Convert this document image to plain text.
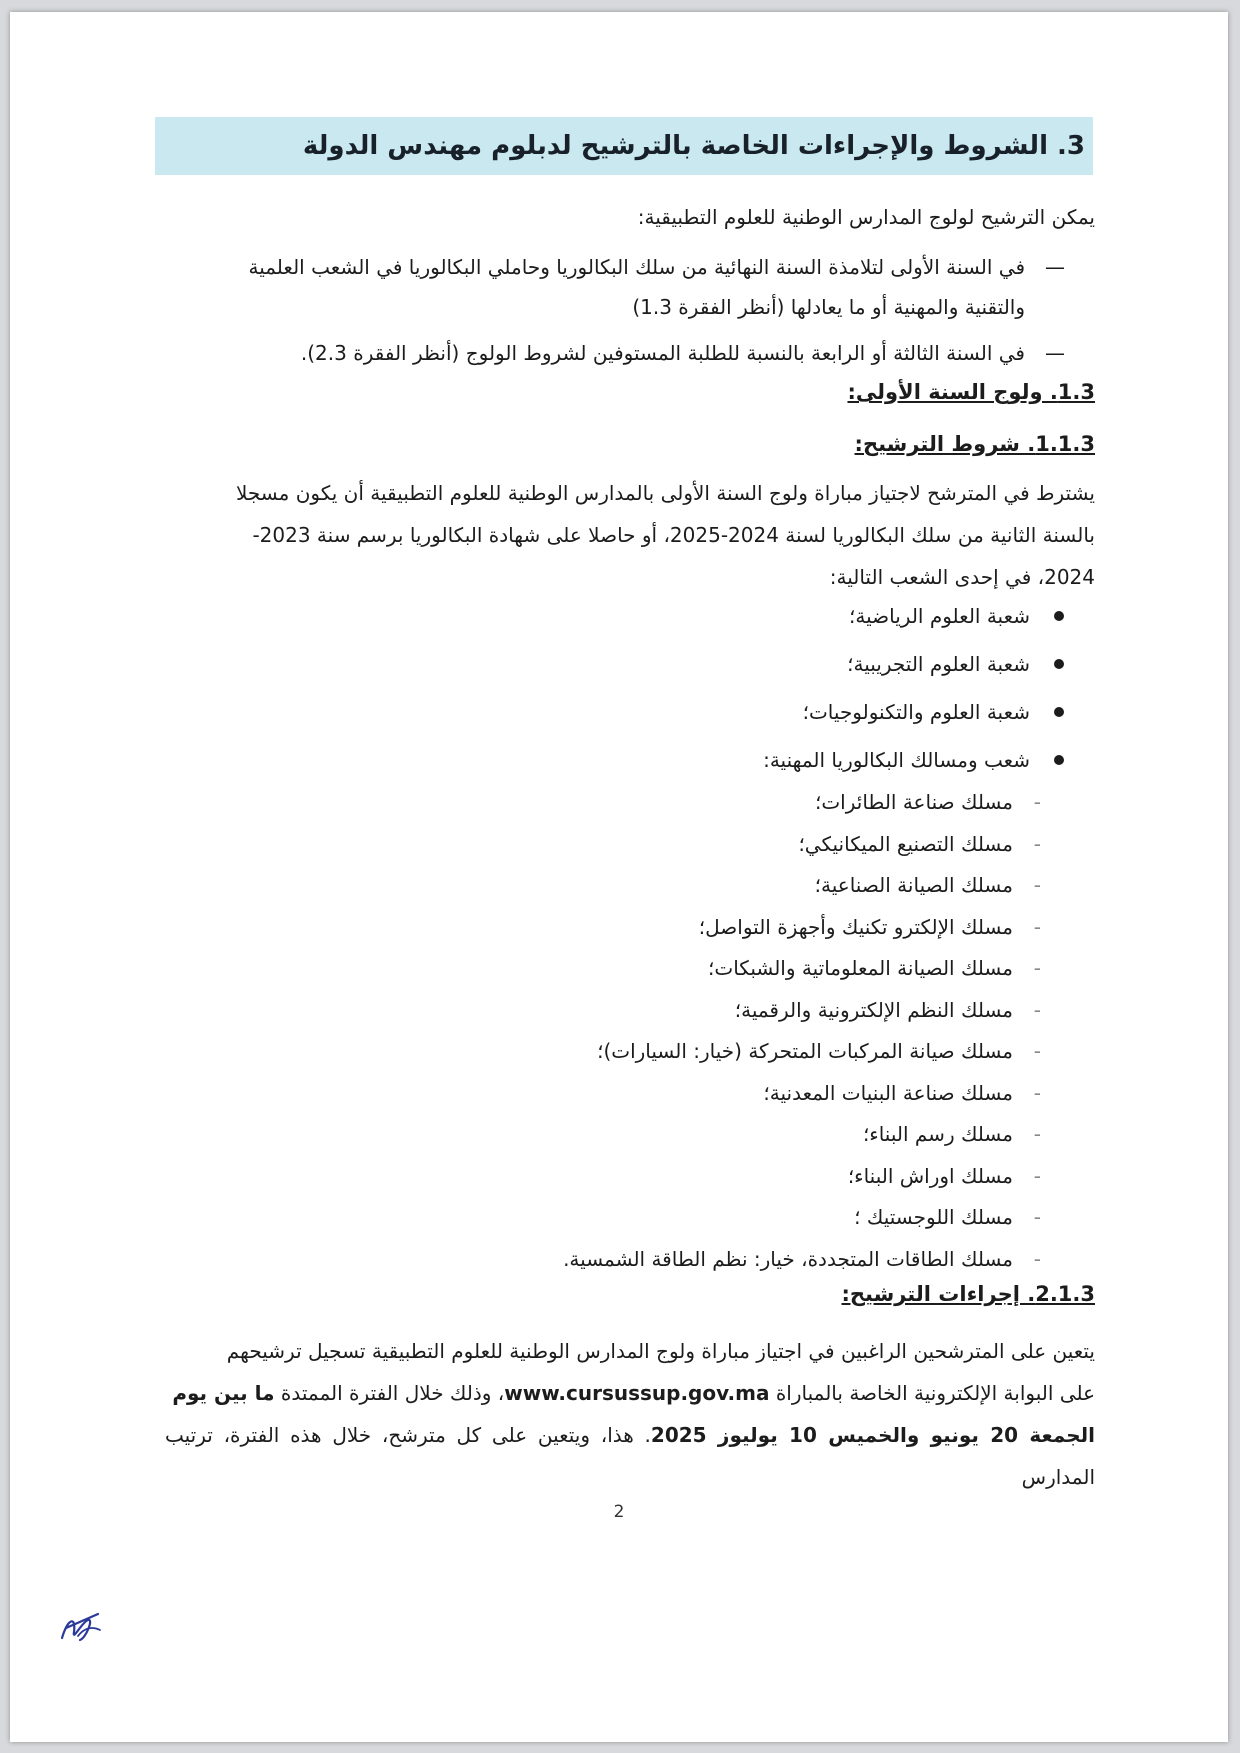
3. الشروط والإجراءات الخاصة بالترشيح لدبلوم مهندس الدولة
يمكن الترشيح لولوج المدارس الوطنية للعلوم التطبيقية:
—
في السنة الأولى لتلامذة السنة النهائية من سلك البكالوريا وحاملي البكالوريا في الشعب العلمية
والتقنية والمهنية أو ما يعادلها (أنظر الفقرة 1.3)
—
في السنة الثالثة أو الرابعة بالنسبة للطلبة المستوفين لشروط الولوج (أنظر الفقرة 2.3).
1.3. ولوج السنة الأولى:
1.1.3. شروط الترشيح:
يشترط في المترشح لاجتياز مباراة ولوج السنة الأولى بالمدارس الوطنية للعلوم التطبيقية أن يكون مسجلا
بالسنة الثانية من سلك البكالوريا لسنة 2024-2025، أو حاصلا على شهادة البكالوريا برسم سنة 2023-
2024، في إحدى الشعب التالية:
شعبة العلوم الرياضية؛
شعبة العلوم التجريبية؛
شعبة العلوم والتكنولوجيات؛
شعب ومسالك البكالوريا المهنية:
-
مسلك صناعة الطائرات؛
-
مسلك التصنيع الميكانيكي؛
-
مسلك الصيانة الصناعية؛
-
مسلك الإلكترو تكنيك وأجهزة التواصل؛
-
مسلك الصيانة المعلوماتية والشبكات؛
-
مسلك النظم الإلكترونية والرقمية؛
-
مسلك صيانة المركبات المتحركة (خيار: السيارات)؛
-
مسلك صناعة البنيات المعدنية؛
-
مسلك رسم البناء؛
-
مسلك اوراش البناء؛
-
مسلك اللوجستيك ؛
-
مسلك الطاقات المتجددة، خيار: نظم الطاقة الشمسية.
2.1.3. إجراءات الترشيح:
يتعين على المترشحين الراغبين في اجتياز مباراة ولوج المدارس الوطنية للعلوم التطبيقية تسجيل ترشيحهم
على البوابة الإلكترونية الخاصة بالمباراة www.cursussup.gov.ma، وذلك خلال الفترة الممتدة ما بين يوم
الجمعة 20 يونيو والخميس 10 يوليوز 2025. هذا، ويتعين على كل مترشح، خلال هذه الفترة، ترتيب المدارس
2
